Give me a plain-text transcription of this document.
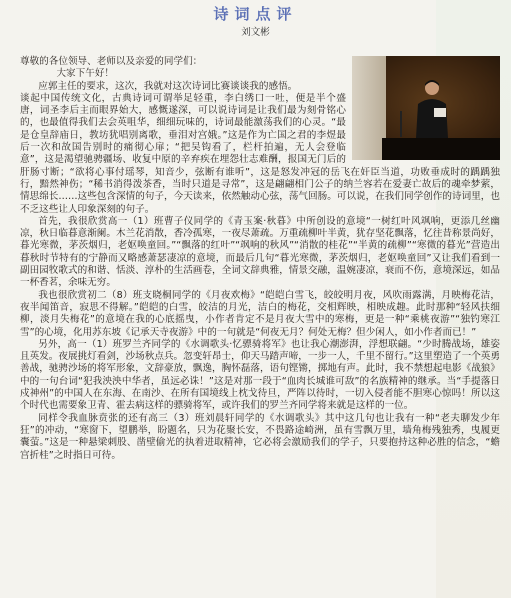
诗词点评
刘文彬

尊敬的各位领导、老师以及亲爱的同学们：

大家下午好！

应郭主任的要求，这次，我就对这次诗词比赛谈谈我的感悟。

谈起中国传统文化，古典诗词可谓举足轻重，李白绣口一吐，便是半个盛唐，词圣李后主而眼界始大，感慨遂深，可以说诗词是让我们最为刻骨铭心的，也最值得我们去会英咀华，细细玩味的，诗词最能激荡我们的心灵。“最是仓皇辞庙日，教坊犹唱别离歌，垂泪对宫娥。”这是作为亡国之君的李煜最后一次和故国告别时的痛彻心扉；“把吴钩看了，栏杆拍遍，无人会登临意”，这是渴望驰骋疆场、收复中原的辛弃疾在埋怨壮志难酬，报国无门后的肝肠寸断；“欲将心事付瑶琴，知音少，弦断有谁听”，这是怒发冲冠的岳飞在奸臣当道，功败垂成时的踽踽独行，黯然神伤；“稀书消得泼茶香，当时只道是寻常”，这是翩翩相门公子的纳兰容若在爱妻亡故后的魂牵梦萦，情思绵长……这些包含深情的句子，今天读来，依然触动心弦，荡气回肠。可以说，在我们同学创作的诗词里，也不乏这些让人印象深刻的句子。

首先，我很欣赏高一（1）班曹子仪同学的《青玉案·秋暮》中所创设的意境“一树红叶风飒响，更添几丝幽凉，秋日临暮意渐阑。木兰花消散，香冷孤寒，一夜尽萧疏。万重疏柳叶半黄，犹存坚花飘落，忆往昔称景尚好，暮光寒微，茅茨烟归，老妪唤童回。”“飘落的红叶”“飒响的秋风”“消散的桂花”“半黄的疏柳”“寒微的暮光”营造出暮秋时节特有的宁静而又略感萧瑟凄凉的意境，而最后几句“暮光寒微，茅茨烟归，老妪唤童回”又让我们看到一副田园牧歌式的和谐、恬淡、淳朴的生活画卷，全词文辞典雅，情景交融，温婉凄凉，衰而不伤，意境深远，如品一杯香茗，余味无穷。

我也很欣赏初二（8）班支晓桐同学的《月夜欢梅》“皑皑白雪飞，皎皎明月夜，风吹雨露满，月映梅花洁，夜半闻笛音，寂思不得解。”皑皑的白雪，皎洁的月光，洁白的梅花，交相辉映，相映成趣。此时那种“轻风扶细柳，淡月失梅花”的意境在我的心底摇曳，小作者肯定不是月夜大雪中的寒梅，更是一种“乘桃夜游”“独钓寒江雪”的心境，化用苏东坡《记承天寺夜游》中的一句就是“何夜无月？何处无梅？但少闲人，如小作者而已！”

另外，高一（1）班罗兰齐同学的《水调歌头·忆骠骑将军》也让我心潮澎湃，浮想联翩。“少时腾战场，雄姿且英发。夜展挑灯看剑，沙场秋点兵。忽变轩昂士，仰天马踏声啼，一步一人，千里不留行。”这里塑造了一个英勇善战，驰骋沙场的将军形象，文辞豪放，飘逸，胸怀磊落，语句铿锵，掷地有声。此时，我不禁想起电影《战狼》中的一句台词“犯我泱泱中华者，虽远必诛！”这是对那一段于“血肉长城谁可敌”的名族精神的继承。当“手提落日戍神州”的中国人在东海、在南沙、在所有国境线上枕戈待旦，严阵以待时，一切入侵者能不胆寒心惊吗！所以这个时代也需要象卫青、霍去病这样的骠骑将军，或许我们的罗兰齐同学将来就是这样的一位。

同样令我血脉贲张的还有高三（3）班刘晨轩同学的《水调歌头》其中这几句也让我有一种“老夫聊发少年狂”的冲动，“寒窗下，望鹏举，盼题名，只为花聚长安，不畏路途崎洲，虽有雪飘万里，墙角梅残独秀，曳履更囊萤。”这是一种悬梁刺股、凿壁偷光的执着进取精神，它必将会激励我们的学子，只要抱持这种必胜的信念，“蟾宫折桂”之时指日可待。
